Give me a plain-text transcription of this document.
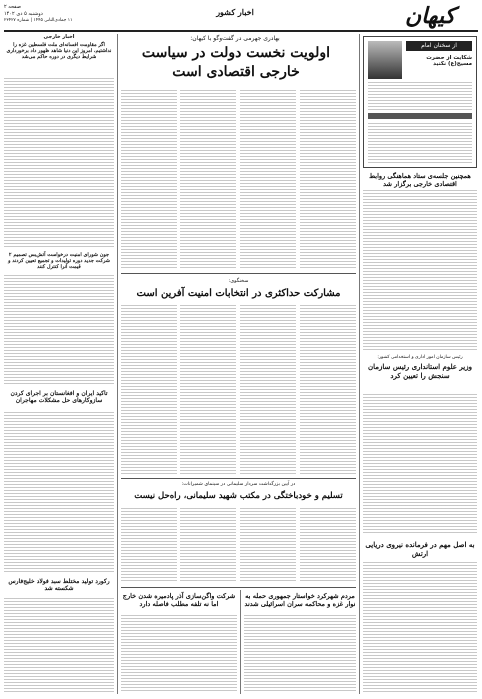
صفحه ۲
دوشنبه ۵ دی ۱۴۰۲
۱۱ جمادی‌الثانی ۱۴۴۵ | شماره ۲۳۴۲۷
اخبار کشور	کیهان
بهادری جهرمی در گفت‌وگو با کیهان:
اولویت نخست دولت در سیاست خارجی اقتصادی است
از سخنان امام
شکایت از حضرت مسیح(ع) نکنید
همچنین جلسه‌ی ستاد هماهنگی روابط اقتصادی خارجی برگزار شد
رئیس سازمان امور اداری و استخدامی کشور:
وزیر علوم استانداری رئیس سازمان سنجش را تعیین کرد
به اصل مهم در فرمانده نیروی دریایی ارتش
سخنگوی:
مشارکت حداکثری در انتخابات امنیت آفرین است
در آیین بزرگداشت سردار سلیمانی در سینمای شمیرانات:
تسلیم و خودباختگی در مکتب شهید سلیمانی، راه‌حل نیست
مردم شهرکرد خواستار جمهوری حمله به نوار غزه و محاکمه سران اسرائیلی شدند
شرکت واگن‌سازی آذر پادمیره شدن خارج اما نه تلفه مطلب فاصله دارد
اخبار خارجی
اگر مقاومت افسانه‌ای ملت فلسطین غزه را نداشتیم، امروز این دنیا شاهد ظهور داد برخورداری شرایط دیگری در دوره حاکم می‌شد
جون شورای امنیت درخواست آتش‌بس تصمیم ۲ شرکت جدید دوره تولیدات و تجمیع تعیین کردند و قیمت آنرا کنترل کنند
تاکید ایران و افغانستان بر اجرای کردن سازوکارهای حل مشکلات مهاجران
رکورد تولید مختلط سبد فولاد خلیج‌فارس شکسته شد
